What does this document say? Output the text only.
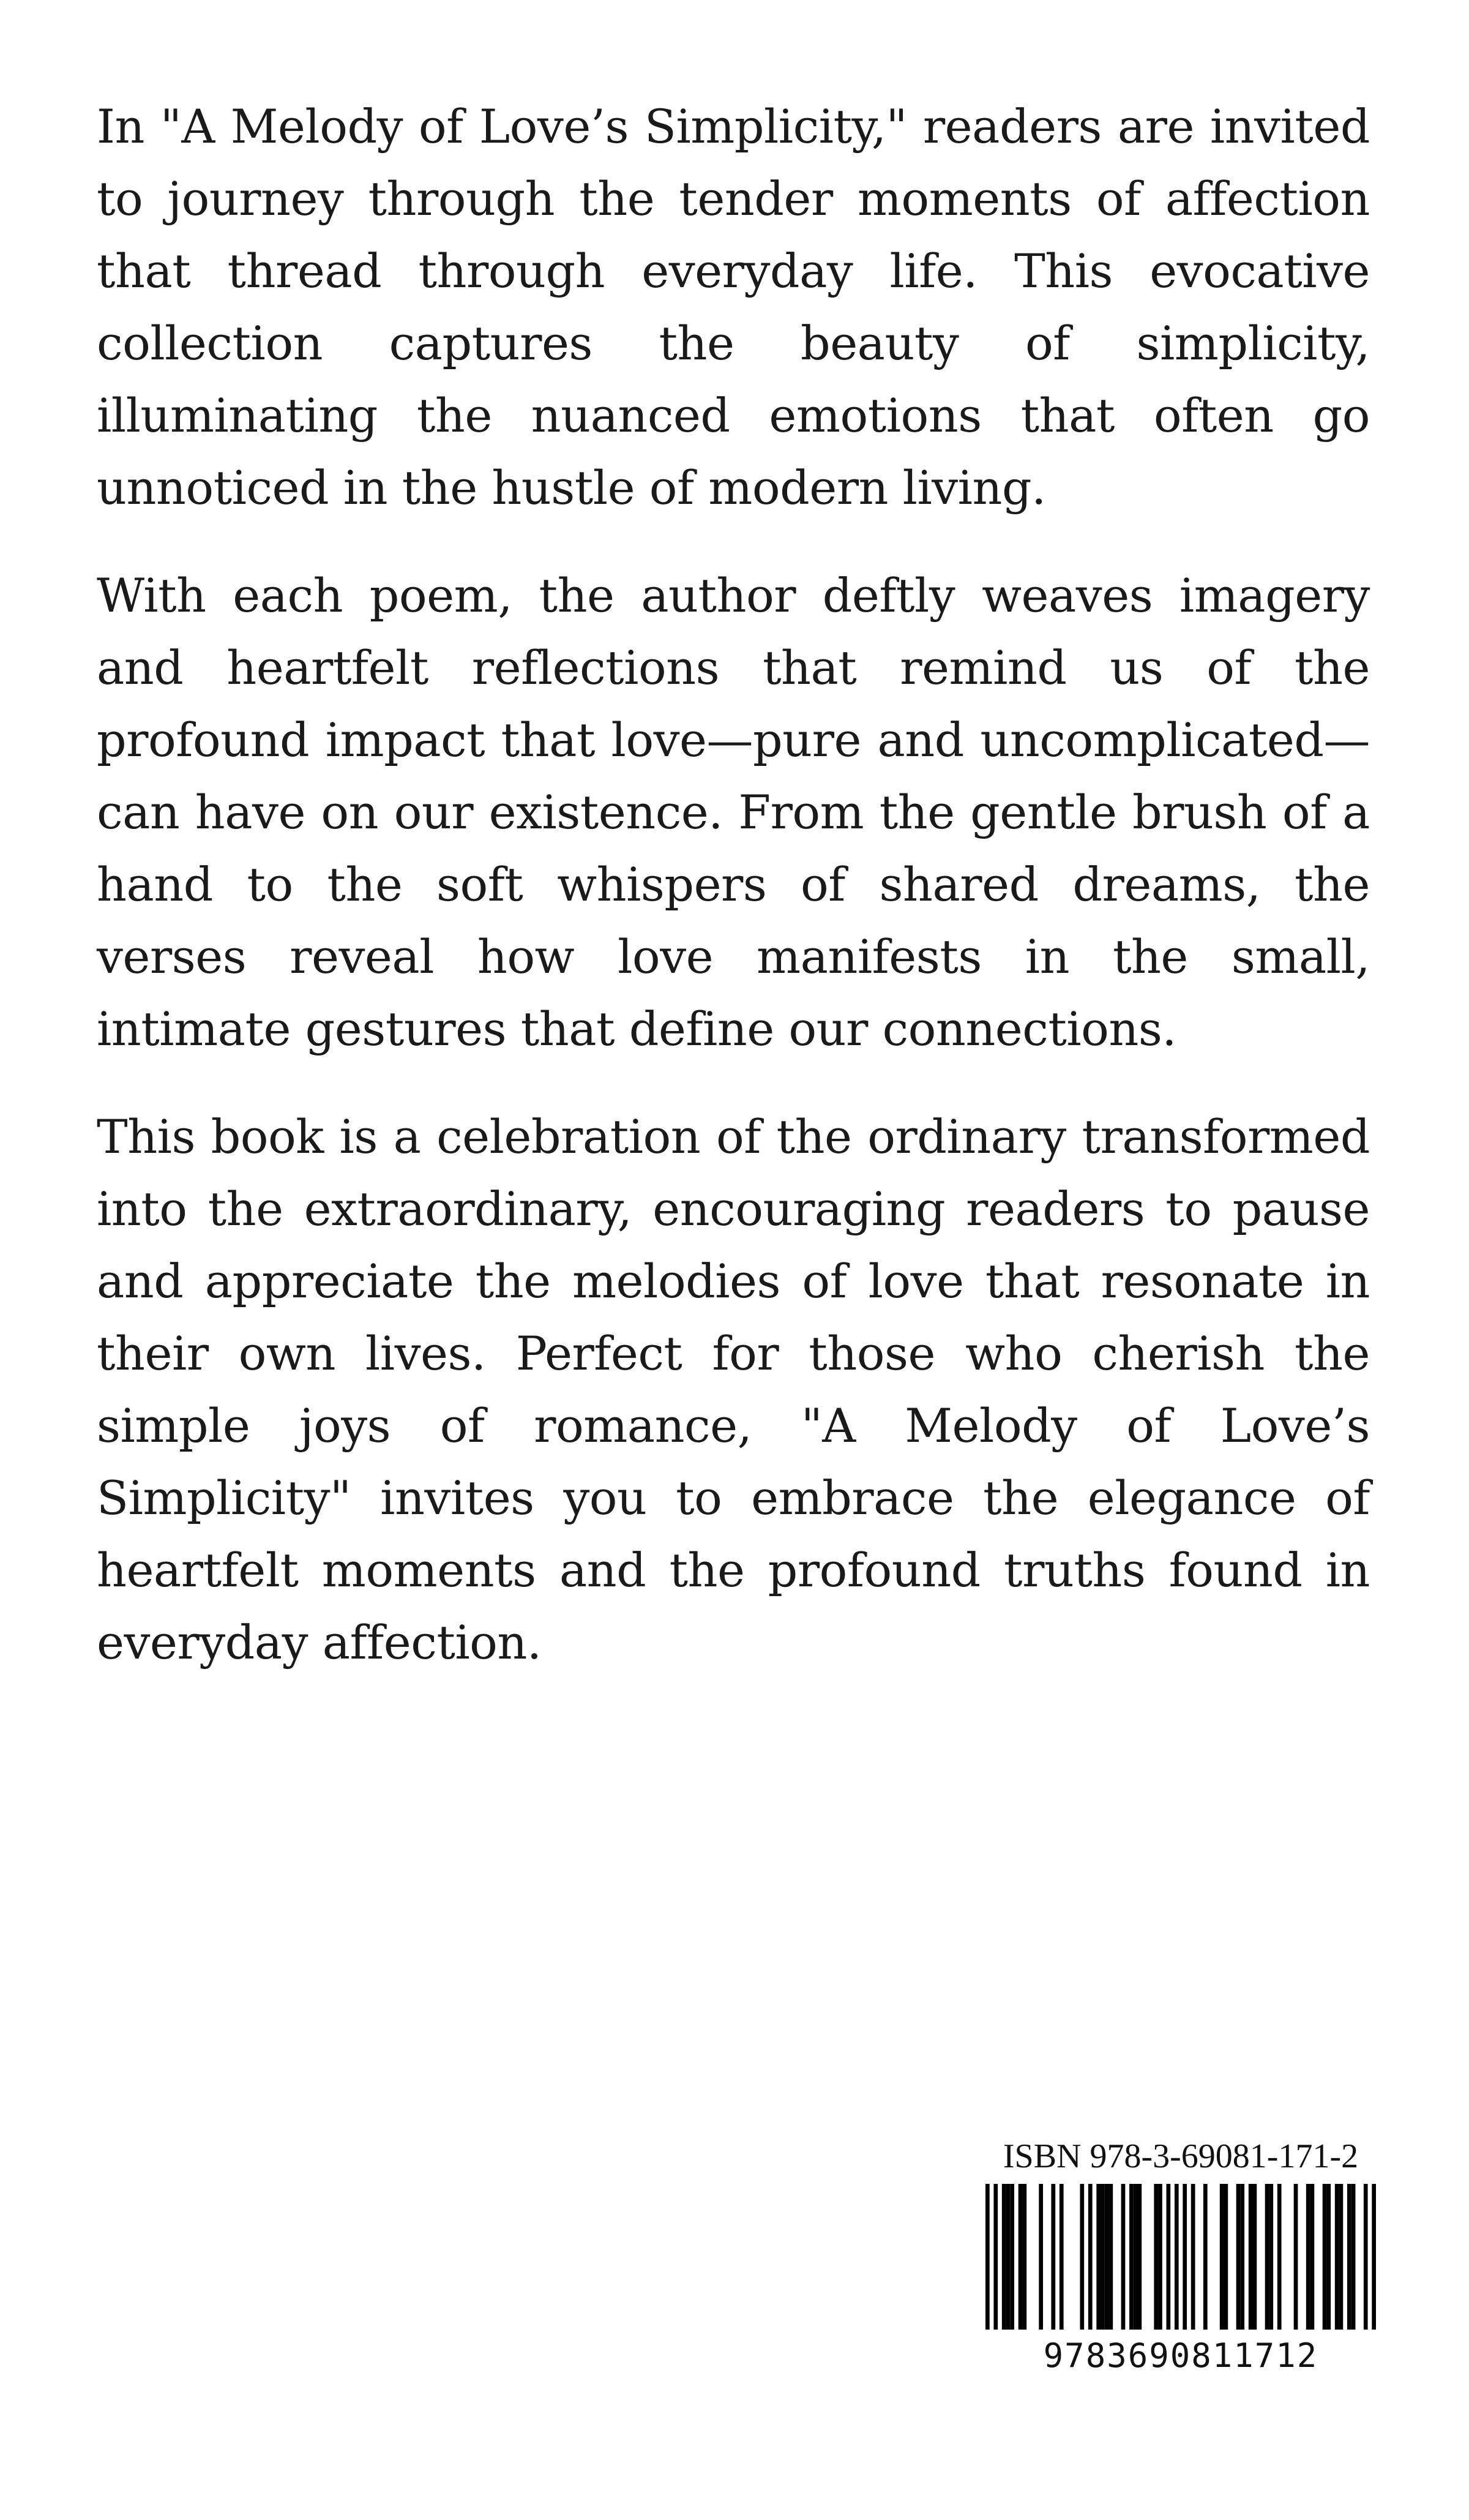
In "A Melody of Love’s Simplicity," readers are invited to journey through the tender moments of affection that thread through everyday life. This evocative collection captures the beauty of simplicity, illuminating the nuanced emotions that often go unnoticed in the hustle of modern living.

With each poem, the author deftly weaves imagery and heartfelt reflections that remind us of the profound impact that love—pure and uncomplicated—can have on our existence. From the gentle brush of a hand to the soft whispers of shared dreams, the verses reveal how love manifests in the small, intimate gestures that define our connections.

This book is a celebration of the ordinary transformed into the extraordinary, encouraging readers to pause and appreciate the melodies of love that resonate in their own lives. Perfect for those who cherish the simple joys of romance, "A Melody of Love’s Simplicity" invites you to embrace the elegance of heartfelt moments and the profound truths found in everyday affection.

ISBN 978-3-69081-171-2
9783690811712
